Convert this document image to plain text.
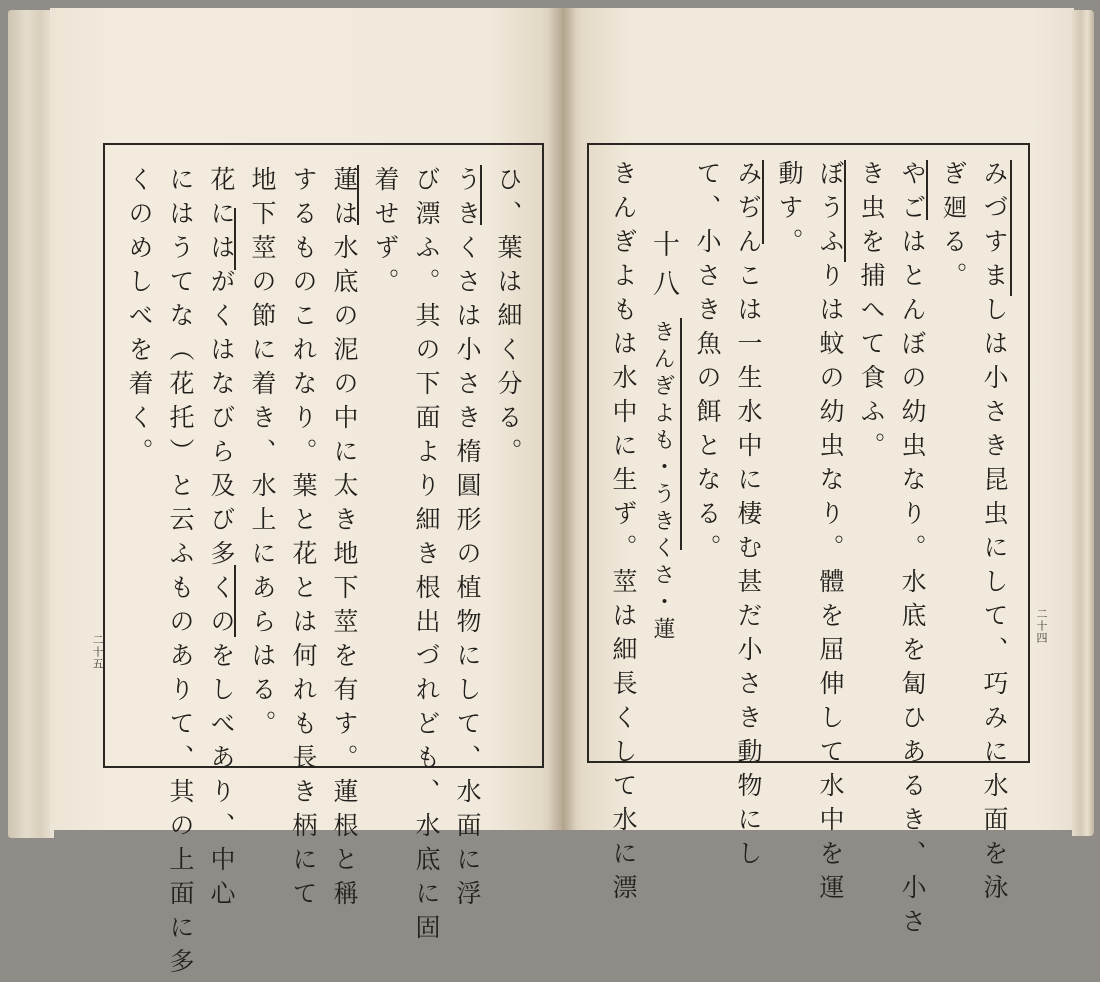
二十五
ひ、葉は細く分る。
うきくさは小さき楕圓形の植物にして、水面に浮
び漂ふ。其の下面より細き根出づれども、水底に固
着せず。
蓮は水底の泥の中に太き地下莖を有す。蓮根と稱
するものこれなり。葉と花とは何れも長き柄にて
地下莖の節に着き、水上にあらはる。
花にはがくはなびら及び多くのをしべあり、中心
にはうてな（花托）と云ふものありて、其の上面に多
くのめしべを着く。
二十四
みづすましは小さき昆虫にして、巧みに水面を泳
ぎ廻る。
やごはとんぼの幼虫なり。水底を匐ひあるき、小さ
き虫を捕へて食ふ。
ぼうふりは蚊の幼虫なり。體を屈伸して水中を運
動す。
みぢんこは一生水中に棲む甚だ小さき動物にし
て、小さき魚の餌となる。
十八
きんぎよも・うきくさ・蓮
きんぎよもは水中に生ず。莖は細長くして水に漂
